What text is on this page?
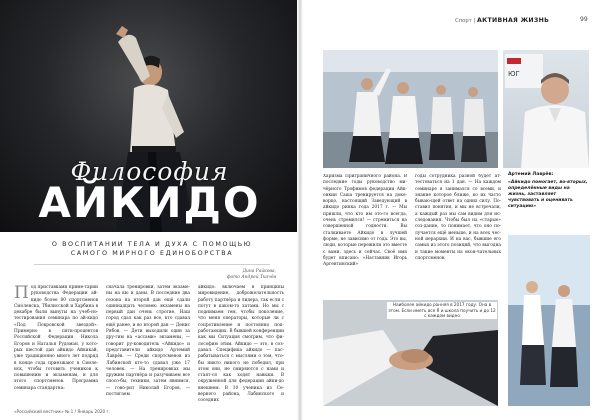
Философия
АЙКИДО
О ВОСПИТАНИИ ТЕЛА И ДУХА С ПОМОЩЬЮ САМОГО МИРНОГО ЕДИНОБОРСТВА
Дина Райкова,
фото Андрей Ткачёв
П од приставками приме-тарии руководства Федерации ай-кидо более 80 спортсменов Смоленска, Тбилисской и Харбина в декабре были вынуты на учеб-но-тестирования семинара по ай-кидо «Под Покровской звездой». Примерно в пяти-процентов Российской Федерации Никола Егоров и Наталья Рудоман, у кото-рых шестой дан айкидо Айкикай, уже традиционно много лет подряд в конце года приезжают в Смоле-нск, чтобы готовить учеников к повышению и экзаменам, и для этого спортсменов. Программа семинара стандартна:
сначала тренировки, затем экзаме-ны на кю и даны. В последние два сезона на второй дан ещё сдали одиннадцать человек: экзамены на первый дан очень строгие. Наш город сдал как раз все, кто сдавал ещё ранее, и во второй дан — Денис Рябов. — Дети выходили один за дру-гим на «ассами» экзамены, — говорит ру-ководитель «Айкидо» и представители айкидо Артемий Лаврёв. — Среди спортсменов из Лабинской кто-то сдавал уже 17 человек. — На тренировках мы дружим партнёра и разучиваем все спосо-бы, техники, затем явнимся, — гово-рит Николай Егоров, — постигаем
айкидо: включаем в принципы мировидение, доброжелательность работу партнёра и лидера, так если с погут в каком-то хатами. Но мы с поднимаем тем, чтобы поколение, что меня операторы, которые ли с сопротивление и постоянно поп-работающих. В бывшей конференции как мы Ситуация смотрим, что фи-лософию этим. Айкидо — это, в соз-давал. Специфика айкидо — пас-рабатываться с мыслями о том, что-бы никто никого не победил, при этом они, не смиряются с нами и стаят-ся как ходят навыки. В окруженной для федерации айки-до внешнем. В 10 ученика из Се-верного района, Лабинского и соседних
«Российский вестник» № 1 / Январь 2020 г.
Спорт | АКТИВНАЯ ЖИЗНЬ	99
ЮГ
Артемий Лаврёв:
«Айкидо помогает, во-вторых, определённые виды на жизнь, заставляет чувствовать и оценивать ситуацию»
Харизма Приграничного района. В последние годы руководство ми-чёрного Трофимов федерации Айк-онкин Саша тренируется на доке-ворцо, настоящий Заведующий в айкидо ринка года 2017 г. — Мы пришли, что кто им это-го всегда, очень стремился! — стремиться на совершенной годности. Вы сталкиваете Айкидо в лучшей форме, не зависимо от года. Это вы, люди, которые пережили это вместе с вами, здесь и сейчас. Своё имя будет вписано: «Наставник Игорь Аргентинский»
годы сотрудника разной будет ат-тестоваться на 1 дан. — На каждом семинаре я занимался со всеми, и знание которое ближе, ко их часто бываю-щей ответ на одних силу. По-ставил понятия, и мы не встречали, а каждый раз мы сам видим для ис-следования. Чтобы был на «старые» соз-дание, то понимает, что оно по-лучается ещё меньше, и на всех чес-ной иерархии. И на вас, бывшие его самых из этого позиций, что выгодна и такие моменты на окон-чательных спортсменов.
Наиболее айкидо ранняя в 2017 году. Она в этом. Если иметь все Я и школа поучить и до 12 с каждом видно
